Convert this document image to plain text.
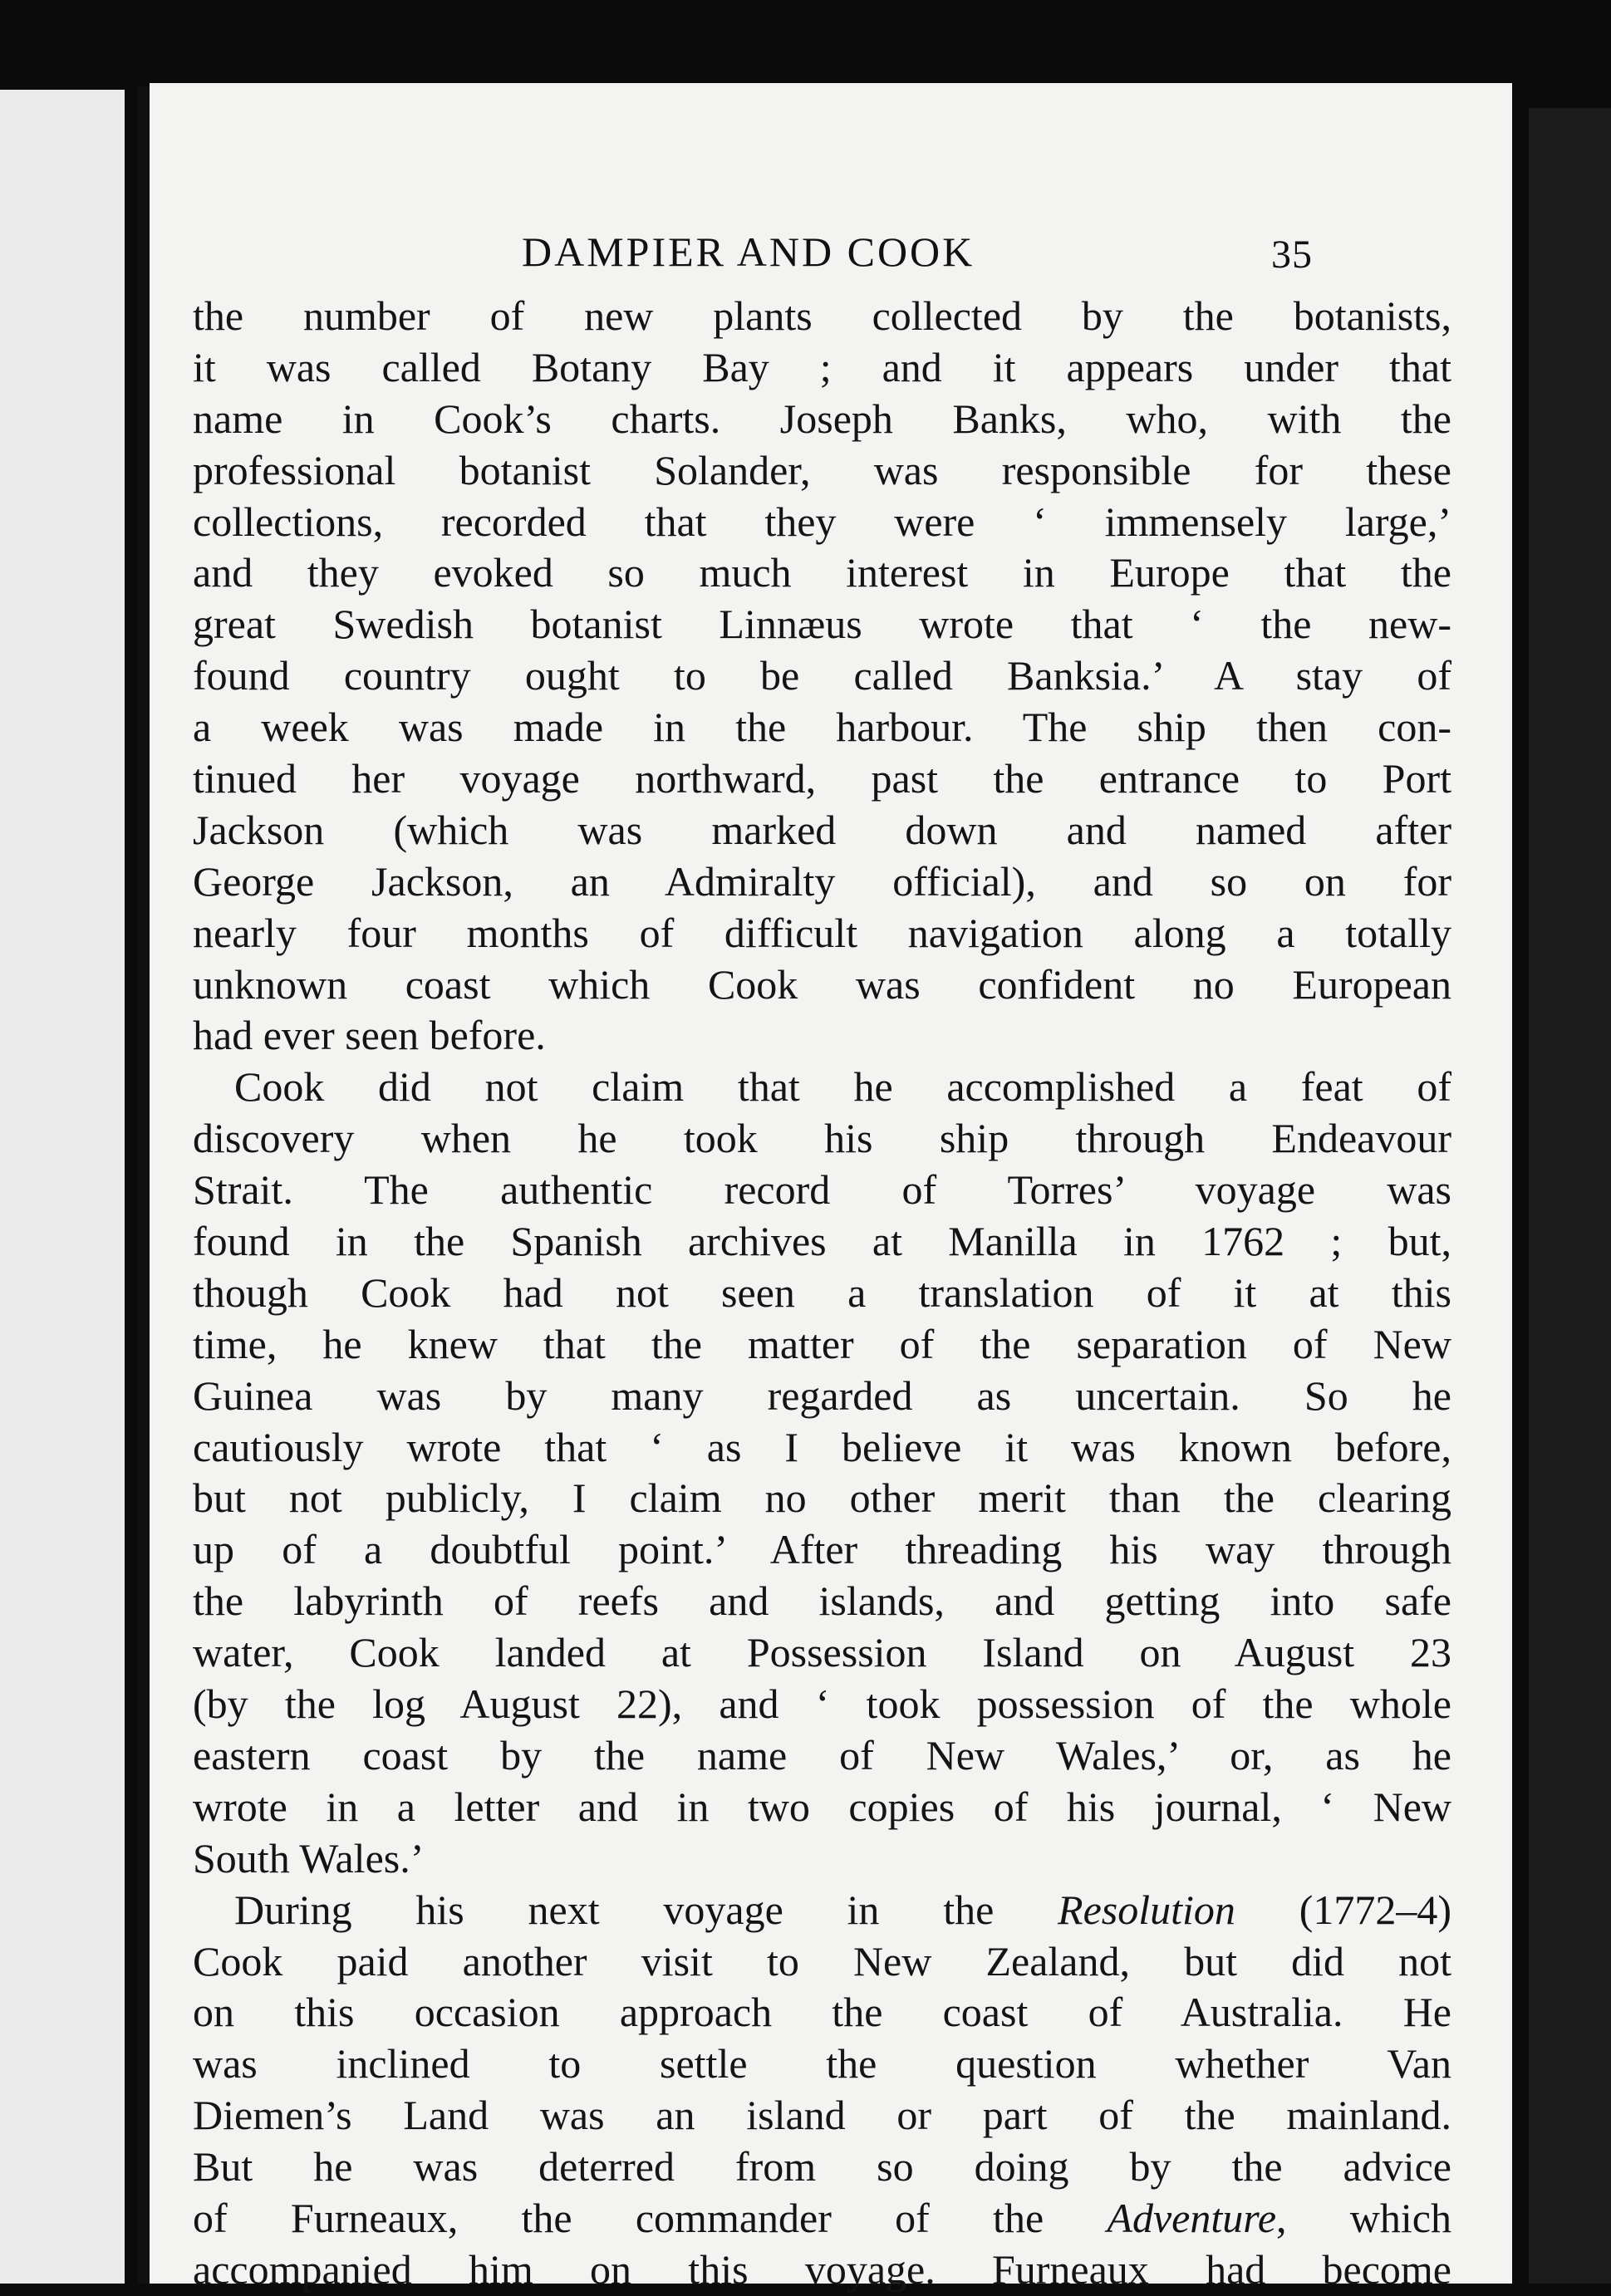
DAMPIER AND COOK	35
the number of new plants collected by the botanists,
it was called Botany Bay ; and it appears under that
name in Cook’s charts. Joseph Banks, who, with the
professional botanist Solander, was responsible for these
collections, recorded that they were ‘ immensely large,’
and they evoked so much interest in Europe that the
great Swedish botanist Linnæus wrote that ‘ the new-
found country ought to be called Banksia.’ A stay of
a week was made in the harbour. The ship then con-
tinued her voyage northward, past the entrance to Port
Jackson (which was marked down and named after
George Jackson, an Admiralty official), and so on for
nearly four months of difficult navigation along a totally
unknown coast which Cook was confident no European
had ever seen before.
Cook did not claim that he accomplished a feat of
discovery when he took his ship through Endeavour
Strait. The authentic record of Torres’ voyage was
found in the Spanish archives at Manilla in 1762 ; but,
though Cook had not seen a translation of it at this
time, he knew that the matter of the separation of New
Guinea was by many regarded as uncertain. So he
cautiously wrote that ‘ as I believe it was known before,
but not publicly, I claim no other merit than the clearing
up of a doubtful point.’ After threading his way through
the labyrinth of reefs and islands, and getting into safe
water, Cook landed at Possession Island on August 23
(by the log August 22), and ‘ took possession of the whole
eastern coast by the name of New Wales,’ or, as he
wrote in a letter and in two copies of his journal, ‘ New
South Wales.’
During his next voyage in the Resolution (1772–4)
Cook paid another visit to New Zealand, but did not
on this occasion approach the coast of Australia. He
was inclined to settle the question whether Van
Diemen’s Land was an island or part of the mainland.
But he was deterred from so doing by the advice
of Furneaux, the commander of the Adventure, which
accompanied him on this voyage. Furneaux had become
